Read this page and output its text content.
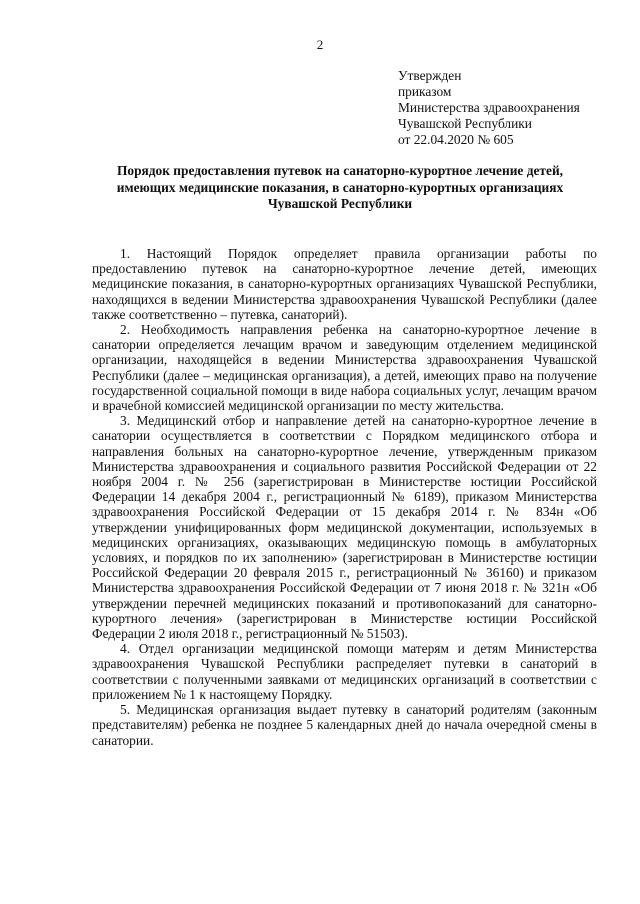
2
Утвержден
приказом
Министерства здравоохранения
Чувашской Республики
от 22.04.2020 № 605
Порядок предоставления путевок на санаторно-курортное лечение детей,
имеющих медицинские показания, в санаторно-курортных организациях
Чувашской Республики

1. Настоящий Порядок определяет правила организации работы по предоставлению путевок на санаторно-курортное лечение детей, имеющих медицинские показания, в санаторно-курортных организациях Чувашской Республики, находящихся в ведении Министерства здравоохранения Чувашской Республики (далее также соответственно – путевка, санаторий).

2. Необходимость направления ребенка на санаторно-курортное лечение в санатории определяется лечащим врачом и заведующим отделением медицинской организации, находящейся в ведении Министерства здравоохранения Чувашской Республики (далее – медицинская организация), а детей, имеющих право на получение государственной социальной помощи в виде набора социальных услуг, лечащим врачом и врачебной комиссией медицинской организации по месту жительства.

3. Медицинский отбор и направление детей на санаторно-курортное лечение в санатории осуществляется в соответствии с Порядком медицинского отбора и направления больных на санаторно-курортное лечение, утвержденным приказом Министерства здравоохранения и социального развития Российской Федерации от 22 ноября 2004 г. № 256 (зарегистрирован в Министерстве юстиции Российской Федерации 14 декабря 2004 г., регистрационный № 6189), приказом Министерства здравоохранения Российской Федерации от 15 декабря 2014 г. № 834н «Об утверждении унифицированных форм медицинской документации, используемых в медицинских организациях, оказывающих медицинскую помощь в амбулаторных условиях, и порядков по их заполнению» (зарегистрирован в Министерстве юстиции Российской Федерации 20 февраля 2015 г., регистрационный № 36160) и приказом Министерства здравоохранения Российской Федерации от 7 июня 2018 г. № 321н «Об утверждении перечней медицинских показаний и противопоказаний для санаторно-курортного лечения» (зарегистрирован в Министерстве юстиции Российской Федерации 2 июля 2018 г., регистрационный № 51503).

4. Отдел организации медицинской помощи матерям и детям Министерства здравоохранения Чувашской Республики распределяет путевки в санаторий в соответствии с полученными заявками от медицинских организаций в соответствии с приложением № 1 к настоящему Порядку.

5. Медицинская организация выдает путевку в санаторий родителям (законным представителям) ребенка не позднее 5 календарных дней до начала очередной смены в санатории.
